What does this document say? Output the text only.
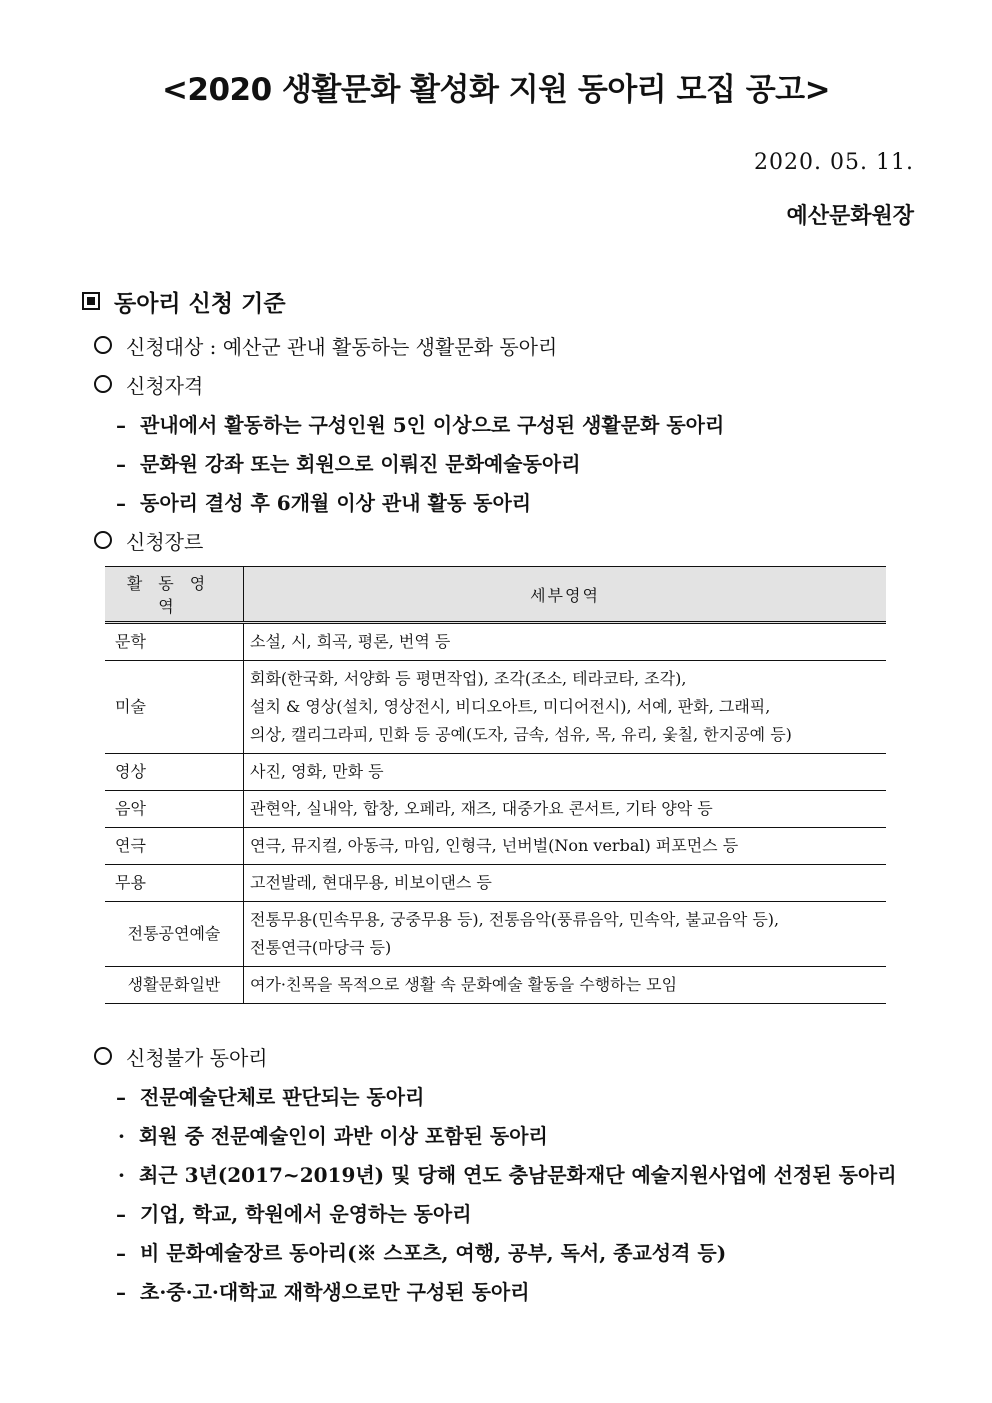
<2020 생활문화 활성화 지원 동아리 모집 공고>
2020. 05. 11.
예산문화원장
동아리 신청 기준
신청대상 : 예산군 관내 활동하는 생활문화 동아리
신청자격
– 관내에서 활동하는 구성인원 5인 이상으로 구성된 생활문화 동아리
– 문화원 강좌 또는 회원으로 이뤄진 문화예술동아리
– 동아리 결성 후 6개월 이상 관내 활동 동아리
신청장르
활동영역	세부영역
문학	소설, 시, 희곡, 평론, 번역 등
미술	회화(한국화, 서양화 등 평면작업), 조각(조소, 테라코타, 조각),
설치 & 영상(설치, 영상전시, 비디오아트, 미디어전시), 서예, 판화, 그래픽,
의상, 캘리그라피, 민화 등 공예(도자, 금속, 섬유, 목, 유리, 옻칠, 한지공예 등)

영상	사진, 영화, 만화 등
음악	관현악, 실내악, 합창, 오페라, 재즈, 대중가요 콘서트, 기타 양악 등
연극	연극, 뮤지컬, 아동극, 마임, 인형극, 넌버벌(Non verbal) 퍼포먼스 등
무용	고전발레, 현대무용, 비보이댄스 등
전통공연예술	전통무용(민속무용, 궁중무용 등), 전통음악(풍류음악, 민속악, 불교음악 등),
전통연극(마당극 등)

생활문화일반	여가·친목을 목적으로 생활 속 문화예술 활동을 수행하는 모임
신청불가 동아리
– 전문예술단체로 판단되는 동아리
· 회원 중 전문예술인이 과반 이상 포함된 동아리
· 최근 3년(2017~2019년) 및 당해 연도 충남문화재단 예술지원사업에 선정된 동아리
– 기업, 학교, 학원에서 운영하는 동아리
– 비 문화예술장르 동아리(※ 스포츠, 여행, 공부, 독서, 종교성격 등)
– 초·중·고·대학교 재학생으로만 구성된 동아리
